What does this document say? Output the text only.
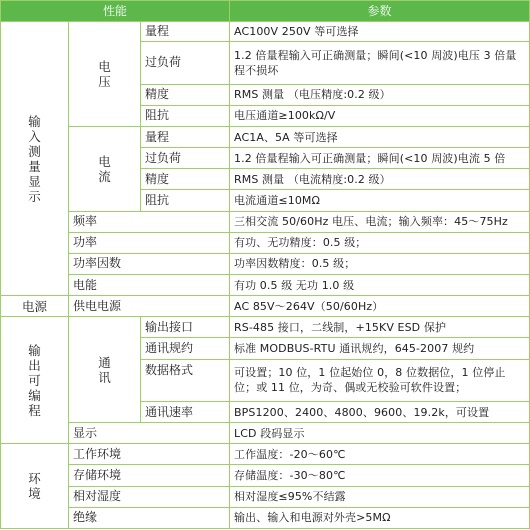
性能			参数
输入测量显示	电压	量程	AC100V 250V 等可选择
		过负荷	1.2 倍量程输入可正确测量；瞬间(<10 周波)电压 3 倍量程不损坏
		精度	RMS 测量 （电压精度:0.2 级）
		阻抗	电压通道≥100kΩ/V
	电流	量程	AC1A、5A 等可选择
		过负荷	1.2 倍量程输入可正确测量；瞬间(<10 周波)电流 5 倍
		精度	RMS 测量 （电流精度:0.2 级）
		阻抗	电流通道≤10MΩ
	频率		三相交流 50/60Hz 电压、电流；输入频率：45～75Hz
	功率		有功、无功精度：0.5 级；
	功率因数		功率因数精度：0.5 级；
	电能		有功 0.5 级 无功 1.0 级
电源	供电电源		AC 85V～264V（50/60Hz）
输出可编程	通讯	输出接口	RS-485 接口，二线制，+15KV ESD 保护
		通讯规约	标准 MODBUS-RTU 通讯规约，645-2007 规约
		数据格式	可设置；10 位，1 位起始位 0，8 位数据位，1 位停止位；或 11 位，为奇、偶或无校验可软件设置；
		通讯速率	BPS1200、2400、4800、9600、19.2k，可设置
	显示		LCD 段码显示
环境	工作环境		工作温度：-20～60℃
	存储环境		存储温度：-30～80℃
	相对湿度		相对湿度≤95%不结露
	绝缘		输出、输入和电源对外壳>5MΩ
